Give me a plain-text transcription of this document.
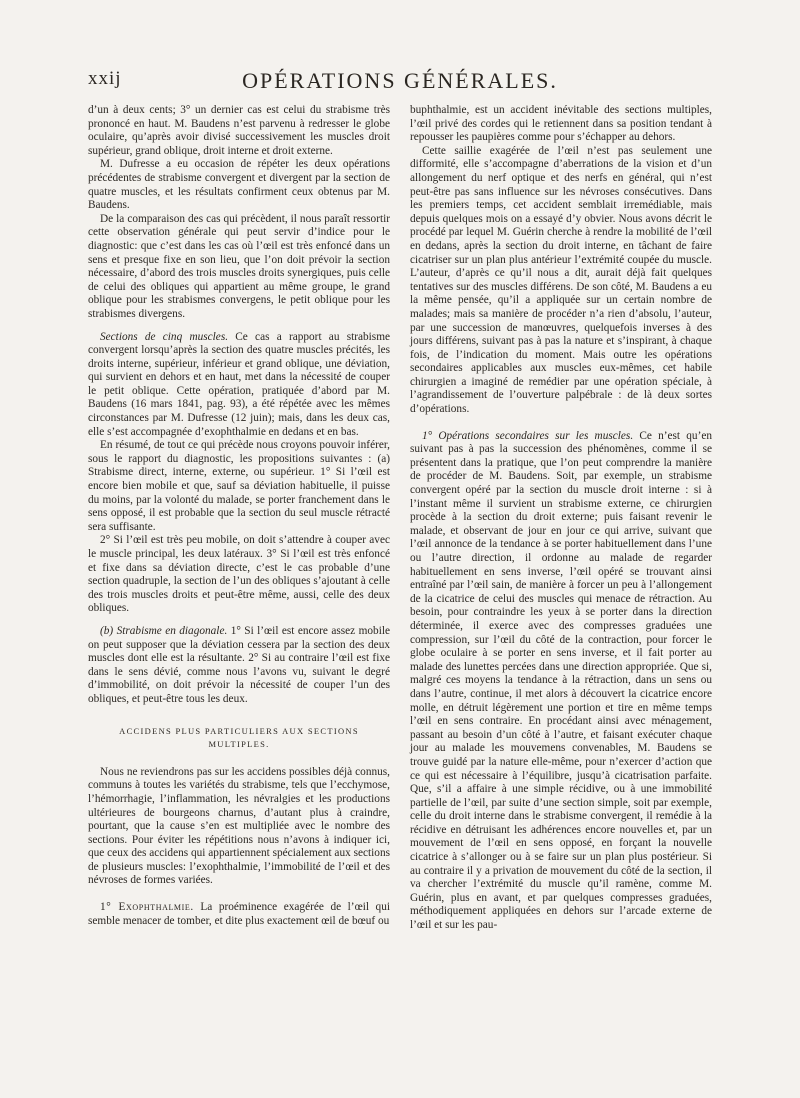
xxij	OPÉRATIONS GÉNÉRALES.

d’un à deux cents; 3° un dernier cas est celui du strabisme très prononcé en haut. M. Baudens n’est parvenu à redresser le globe oculaire, qu’après avoir divisé successivement les muscles droit supérieur, grand oblique, droit interne et droit externe.

M. Dufresse a eu occasion de répéter les deux opérations précédentes de strabisme convergent et divergent par la section de quatre muscles, et les résultats confirment ceux obtenus par M. Baudens.

De la comparaison des cas qui précèdent, il nous paraît ressortir cette observation générale qui peut servir d’indice pour le diagnostic: que c’est dans les cas où l’œil est très enfoncé dans un sens et presque fixe en son lieu, que l’on doit prévoir la section nécessaire, d’abord des trois muscles droits synergiques, puis celle de celui des obliques qui appartient au même groupe, le grand oblique pour les strabismes convergens, le petit oblique pour les strabismes divergens.

Sections de cinq muscles. Ce cas a rapport au strabisme convergent lorsqu’après la section des quatre muscles précités, les droits interne, supérieur, inférieur et grand oblique, une déviation, qui survient en dehors et en haut, met dans la nécessité de couper le petit oblique. Cette opération, pratiquée d’abord par M. Baudens (16 mars 1841, pag. 93), a été répétée avec les mêmes circonstances par M. Dufresse (12 juin); mais, dans les deux cas, elle s’est accompagnée d’exophthalmie en dedans et en bas.

En résumé, de tout ce qui précède nous croyons pouvoir inférer, sous le rapport du diagnostic, les propositions suivantes : (a) Strabisme direct, interne, externe, ou supérieur. 1° Si l’œil est encore bien mobile et que, sauf sa déviation habituelle, il puisse du moins, par la volonté du malade, se porter franchement dans le sens opposé, il est probable que la section du seul muscle rétracté sera suffisante.

2° Si l’œil est très peu mobile, on doit s’attendre à couper avec le muscle principal, les deux latéraux. 3° Si l’œil est très enfoncé et fixe dans sa déviation directe, c’est le cas probable d’une section quadruple, la section de l’un des obliques s’ajoutant à celle des trois muscles droits et peut-être même, aussi, celle des deux obliques.

(b) Strabisme en diagonale. 1° Si l’œil est encore assez mobile on peut supposer que la déviation cessera par la section des deux muscles dont elle est la résultante. 2° Si au contraire l’œil est fixe dans le sens dévié, comme nous l’avons vu, suivant le degré d’immobilité, on doit prévoir la nécessité de couper l’un des obliques, et peut-être tous les deux.

ACCIDENS PLUS PARTICULIERS AUX SECTIONS MULTIPLES.

Nous ne reviendrons pas sur les accidens possibles déjà connus, communs à toutes les variétés du strabisme, tels que l’ecchymose, l’hémorrhagie, l’inflammation, les névralgies et les productions ultérieures de bourgeons charnus, d’autant plus à craindre, pourtant, que la cause s’en est multipliée avec le nombre des sections. Pour éviter les répétitions nous n’avons à indiquer ici, que ceux des accidens qui appartiennent spécialement aux sections de plusieurs muscles: l’exophthalmie, l’immobilité de l’œil et des névroses de formes variées.

1° Exophthalmie. La proéminence exagérée de l’œil qui semble menacer de tomber, et dite plus exactement œil de bœuf ou

buphthalmie, est un accident inévitable des sections multiples, l’œil privé des cordes qui le retiennent dans sa position tendant à repousser les paupières comme pour s’échapper au dehors.

Cette saillie exagérée de l’œil n’est pas seulement une difformité, elle s’accompagne d’aberrations de la vision et d’un allongement du nerf optique et des nerfs en général, qui n’est peut-être pas sans influence sur les névroses consécutives. Dans les premiers temps, cet accident semblait irremédiable, mais depuis quelques mois on a essayé d’y obvier. Nous avons décrit le procédé par lequel M. Guérin cherche à rendre la mobilité de l’œil en dedans, après la section du droit interne, en tâchant de faire cicatriser sur un plan plus antérieur l’extrémité coupée du muscle. L’auteur, d’après ce qu’il nous a dit, aurait déjà fait quelques tentatives sur des muscles différens. De son côté, M. Baudens a eu la même pensée, qu’il a appliquée sur un certain nombre de malades; mais sa manière de procéder n’a rien d’absolu, l’auteur, par une succession de manœuvres, quelquefois inverses à des jours différens, suivant pas à pas la nature et s’inspirant, à chaque fois, de l’indication du moment. Mais outre les opérations secondaires applicables aux muscles eux-mêmes, cet habile chirurgien a imaginé de remédier par une opération spéciale, à l’agrandissement de l’ouverture palpébrale : de là deux sortes d’opérations.

1° Opérations secondaires sur les muscles. Ce n’est qu’en suivant pas à pas la succession des phénomènes, comme il se présentent dans la pratique, que l’on peut comprendre la manière de procéder de M. Baudens. Soit, par exemple, un strabisme convergent opéré par la section du muscle droit interne : si à l’instant même il survient un strabisme externe, ce chirurgien procède à la section du droit externe; puis faisant revenir le malade, et observant de jour en jour ce qui arrive, suivant que l’œil annonce de la tendance à se porter habituellement dans l’une ou l’autre direction, il ordonne au malade de regarder habituellement en sens inverse, l’œil opéré se trouvant ainsi entraîné par l’œil sain, de manière à forcer un peu à l’allongement de la cicatrice de celui des muscles qui menace de rétraction. Au besoin, pour contraindre les yeux à se porter dans la direction déterminée, il exerce avec des compresses graduées une compression, sur l’œil du côté de la contraction, pour forcer le globe oculaire à se porter en sens inverse, et il fait porter au malade des lunettes percées dans une direction appropriée. Que si, malgré ces moyens la tendance à la rétraction, dans un sens ou dans l’autre, continue, il met alors à découvert la cicatrice encore molle, en détruit légèrement une portion et tire en même temps l’œil en sens contraire. En procédant ainsi avec ménagement, passant au besoin d’un côté à l’autre, et faisant exécuter chaque jour au malade les mouvemens convenables, M. Baudens se trouve guidé par la nature elle-même, pour n’exercer d’action que ce qui est nécessaire à l’équilibre, jusqu’à cicatrisation parfaite. Que, s’il a affaire à une simple récidive, ou à une immobilité partielle de l’œil, par suite d’une section simple, soit par exemple, celle du droit interne dans le strabisme convergent, il remédie à la récidive en détruisant les adhérences encore nouvelles et, par un mouvement de l’œil en sens opposé, en forçant la nouvelle cicatrice à s’allonger ou à se faire sur un plan plus postérieur. Si au contraire il y a privation de mouvement du côté de la section, il va chercher l’extrémité du muscle qu’il ramène, comme M. Guérin, plus en avant, et par quelques compresses graduées, méthodiquement appliquées en dehors sur l’arcade externe de l’œil et sur les pau-
